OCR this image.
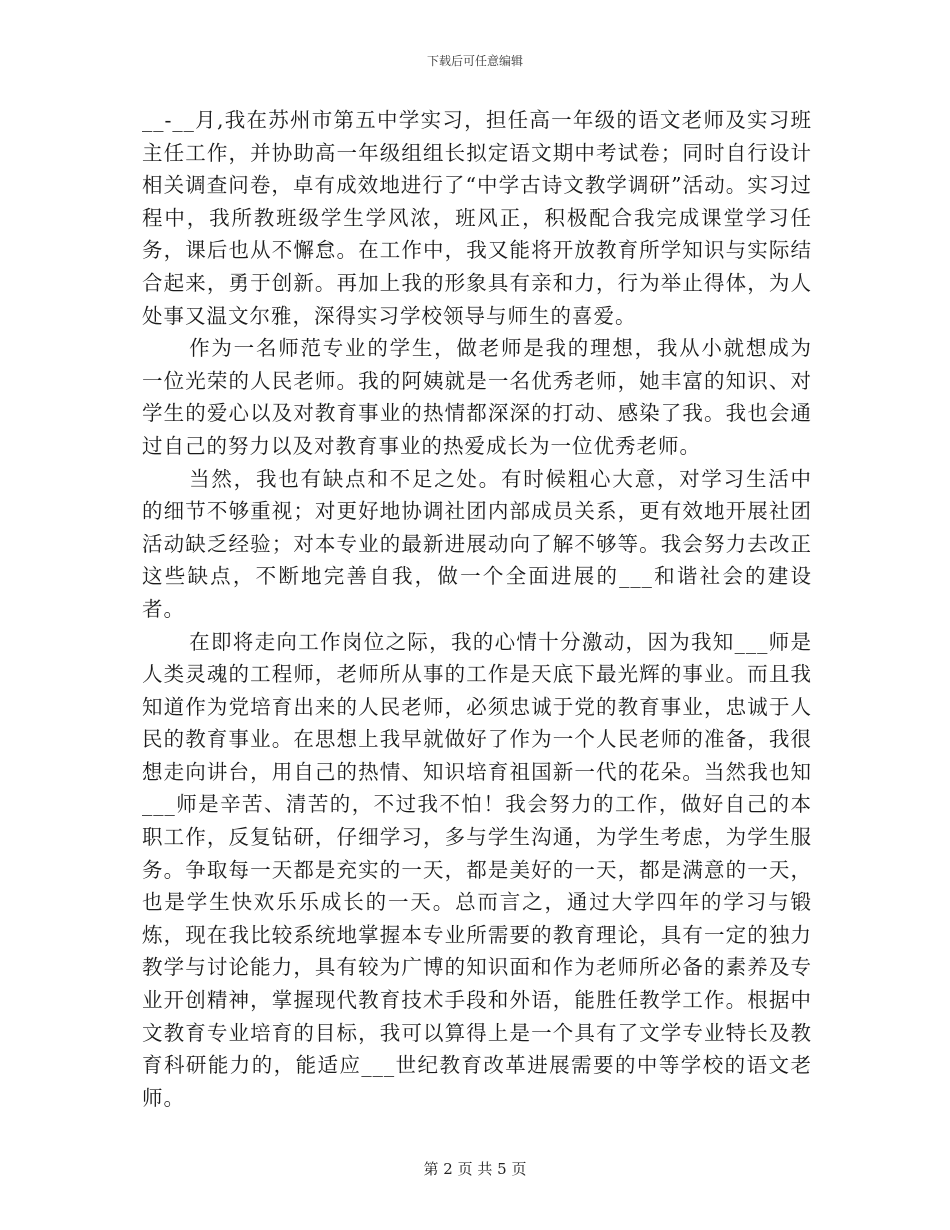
下载后可任意编辑

__-__月,我在苏州市第五中学实习，担任高一年级的语文老师及实习班主任工作，并协助高一年级组组长拟定语文期中考试卷；同时自行设计相关调查问卷，卓有成效地进行了“中学古诗文教学调研”活动。实习过程中，我所教班级学生学风浓，班风正，积极配合我完成课堂学习任务，课后也从不懈怠。在工作中，我又能将开放教育所学知识与实际结合起来，勇于创新。再加上我的形象具有亲和力，行为举止得体，为人处事又温文尔雅，深得实习学校领导与师生的喜爱。

作为一名师范专业的学生，做老师是我的理想，我从小就想成为一位光荣的人民老师。我的阿姨就是一名优秀老师，她丰富的知识、对学生的爱心以及对教育事业的热情都深深的打动、感染了我。我也会通过自己的努力以及对教育事业的热爱成长为一位优秀老师。

当然，我也有缺点和不足之处。有时候粗心大意，对学习生活中的细节不够重视；对更好地协调社团内部成员关系，更有效地开展社团活动缺乏经验；对本专业的最新进展动向了解不够等。我会努力去改正这些缺点，不断地完善自我，做一个全面进展的___和谐社会的建设者。

在即将走向工作岗位之际，我的心情十分激动，因为我知___师是人类灵魂的工程师，老师所从事的工作是天底下最光辉的事业。而且我知道作为党培育出来的人民老师，必须忠诚于党的教育事业，忠诚于人民的教育事业。在思想上我早就做好了作为一个人民老师的准备，我很想走向讲台，用自己的热情、知识培育祖国新一代的花朵。当然我也知___师是辛苦、清苦的，不过我不怕！我会努力的工作，做好自己的本职工作，反复钻研，仔细学习，多与学生沟通，为学生考虑，为学生服务。争取每一天都是充实的一天，都是美好的一天，都是满意的一天，也是学生快欢乐乐成长的一天。总而言之，通过大学四年的学习与锻炼，现在我比较系统地掌握本专业所需要的教育理论，具有一定的独力教学与讨论能力，具有较为广博的知识面和作为老师所必备的素养及专业开创精神，掌握现代教育技术手段和外语，能胜任教学工作。根据中文教育专业培育的目标，我可以算得上是一个具有了文学专业特长及教育科研能力的，能适应___世纪教育改革进展需要的中等学校的语文老师。

第 2 页 共 5 页
